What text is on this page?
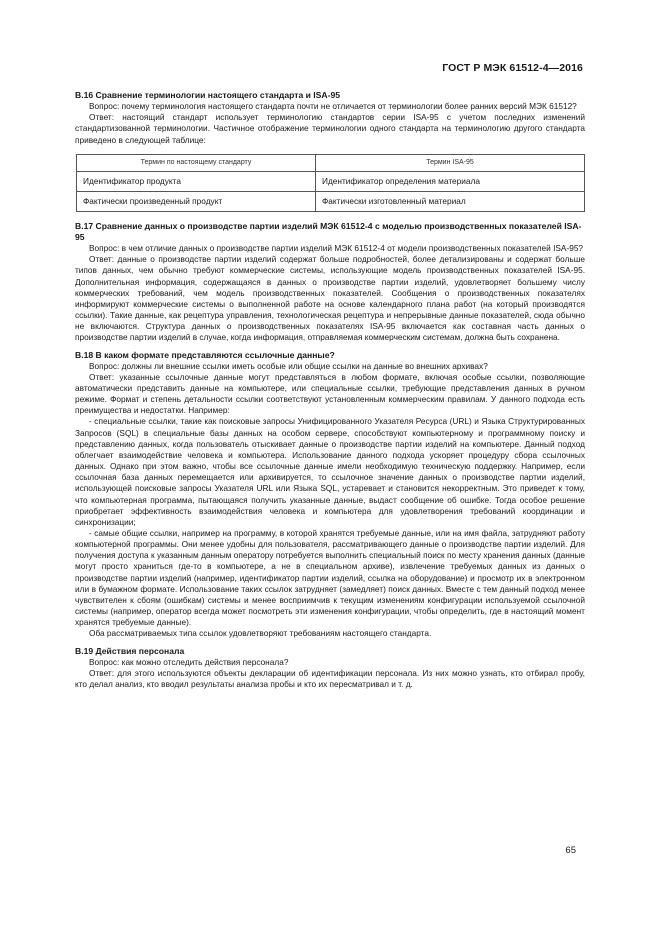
ГОСТ Р МЭК 61512-4—2016
B.16 Сравнение терминологии настоящего стандарта и ISA-95

Вопрос: почему терминология настоящего стандарта почти не отличается от терминологии более ранних версий МЭК 61512?

Ответ: настоящий стандарт использует терминологию стандартов серии ISA-95 с учетом последних изменений стандартизованной терминологии. Частичное отображение терминологии одного стандарта на терминологию другого стандарта приведено в следующей таблице:

Термин по настоящему стандарту	Термин ISA-95
Идентификатор продукта	Идентификатор определения материала
Фактически произведенный продукт	Фактически изготовленный материал
B.17 Сравнение данных о производстве партии изделий МЭК 61512-4 с моделью производственных показателей ISA-95

Вопрос: в чем отличие данных о производстве партии изделий МЭК 61512-4 от модели производственных показателей ISA-95?

Ответ: данные о производстве партии изделий содержат больше подробностей, более детализированы и содержат больше типов данных, чем обычно требуют коммерческие системы, использующие модель производственных показателей ISA-95. Дополнительная информация, содержащаяся в данных о производстве партии изделий, удовлетворяет большему числу коммерческих требований, чем модель производственных показателей. Сообщения о производственных показателях информируют коммерческие системы о выполненной работе на основе календарного плана работ (на который производятся ссылки). Такие данные, как рецептура управления, технологическая рецептура и непрерывные данные показателей, сюда обычно не включаются. Структура данных о производственных показателях ISA-95 включается как составная часть данных о производстве партии изделий в случае, когда информация, отправляемая коммерческим системам, должна быть сохранена.

B.18 В каком формате представляются ссылочные данные?

Вопрос: должны ли внешние ссылки иметь особые или общие ссылки на данные во внешних архивах?

Ответ: указанные ссылочные данные могут представляться в любом формате, включая особые ссылки, позволяющие автоматически представить данные на компьютере, или специальные ссылки, требующие представления данных в ручном режиме. Формат и степень детальности ссылки соответствуют установленным коммерческим правилам. У данного подхода есть преимущества и недостатки. Например:

- специальные ссылки, такие как поисковые запросы Унифицированного Указателя Ресурса (URL) и Языка Структурированных Запросов (SQL) в специальные базы данных на особом сервере, способствуют компьютерному и программному поиску и представлению данных, когда пользователь отыскивает данные о производстве партии изделий на компьютере. Данный подход облегчает взаимодействие человека и компьютера. Использование данного подхода ускоряет процедуру сбора ссылочных данных. Однако при этом важно, чтобы все ссылочные данные имели необходимую техническую поддержку. Например, если ссылочная база данных перемещается или архивируется, то ссылочное значение данных о производстве партии изделий, использующей поисковые запросы Указателя URL или Языка SQL, устаревает и становится некорректным. Это приведет к тому, что компьютерная программа, пытающаяся получить указанные данные, выдаст сообщение об ошибке. Тогда особое решение приобретает эффективность взаимодействия человека и компьютера для удовлетворения требований координации и синхронизации;

- самые общие ссылки, например на программу, в которой хранятся требуемые данные, или на имя файла, затрудняют работу компьютерной программы. Они менее удобны для пользователя, рассматривающего данные о производстве партии изделий. Для получения доступа к указанным данным оператору потребуется выполнить специальный поиск по месту хранения данных (данные могут просто храниться где-то в компьютере, а не в специальном архиве), извлечение требуемых данных из данных о производстве партии изделий (например, идентификатор партии изделий, ссылка на оборудование) и просмотр их в электронном или в бумажном формате. Использование таких ссылок затрудняет (замедляет) поиск данных. Вместе с тем данный подход менее чувствителен к сбоям (ошибкам) системы и менее восприимчив к текущим изменениям конфигурации используемой ссылочной системы (например, оператор всегда может посмотреть эти изменения конфигурации, чтобы определить, где в настоящий момент хранятся требуемые данные).

Оба рассматриваемых типа ссылок удовлетворяют требованиям настоящего стандарта.

B.19 Действия персонала

Вопрос: как можно отследить действия персонала?

Ответ: для этого используются объекты декларации об идентификации персонала. Из них можно узнать, кто отбирал пробу, кто делал анализ, кто вводил результаты анализа пробы и кто их пересматривал и т. д.

65
